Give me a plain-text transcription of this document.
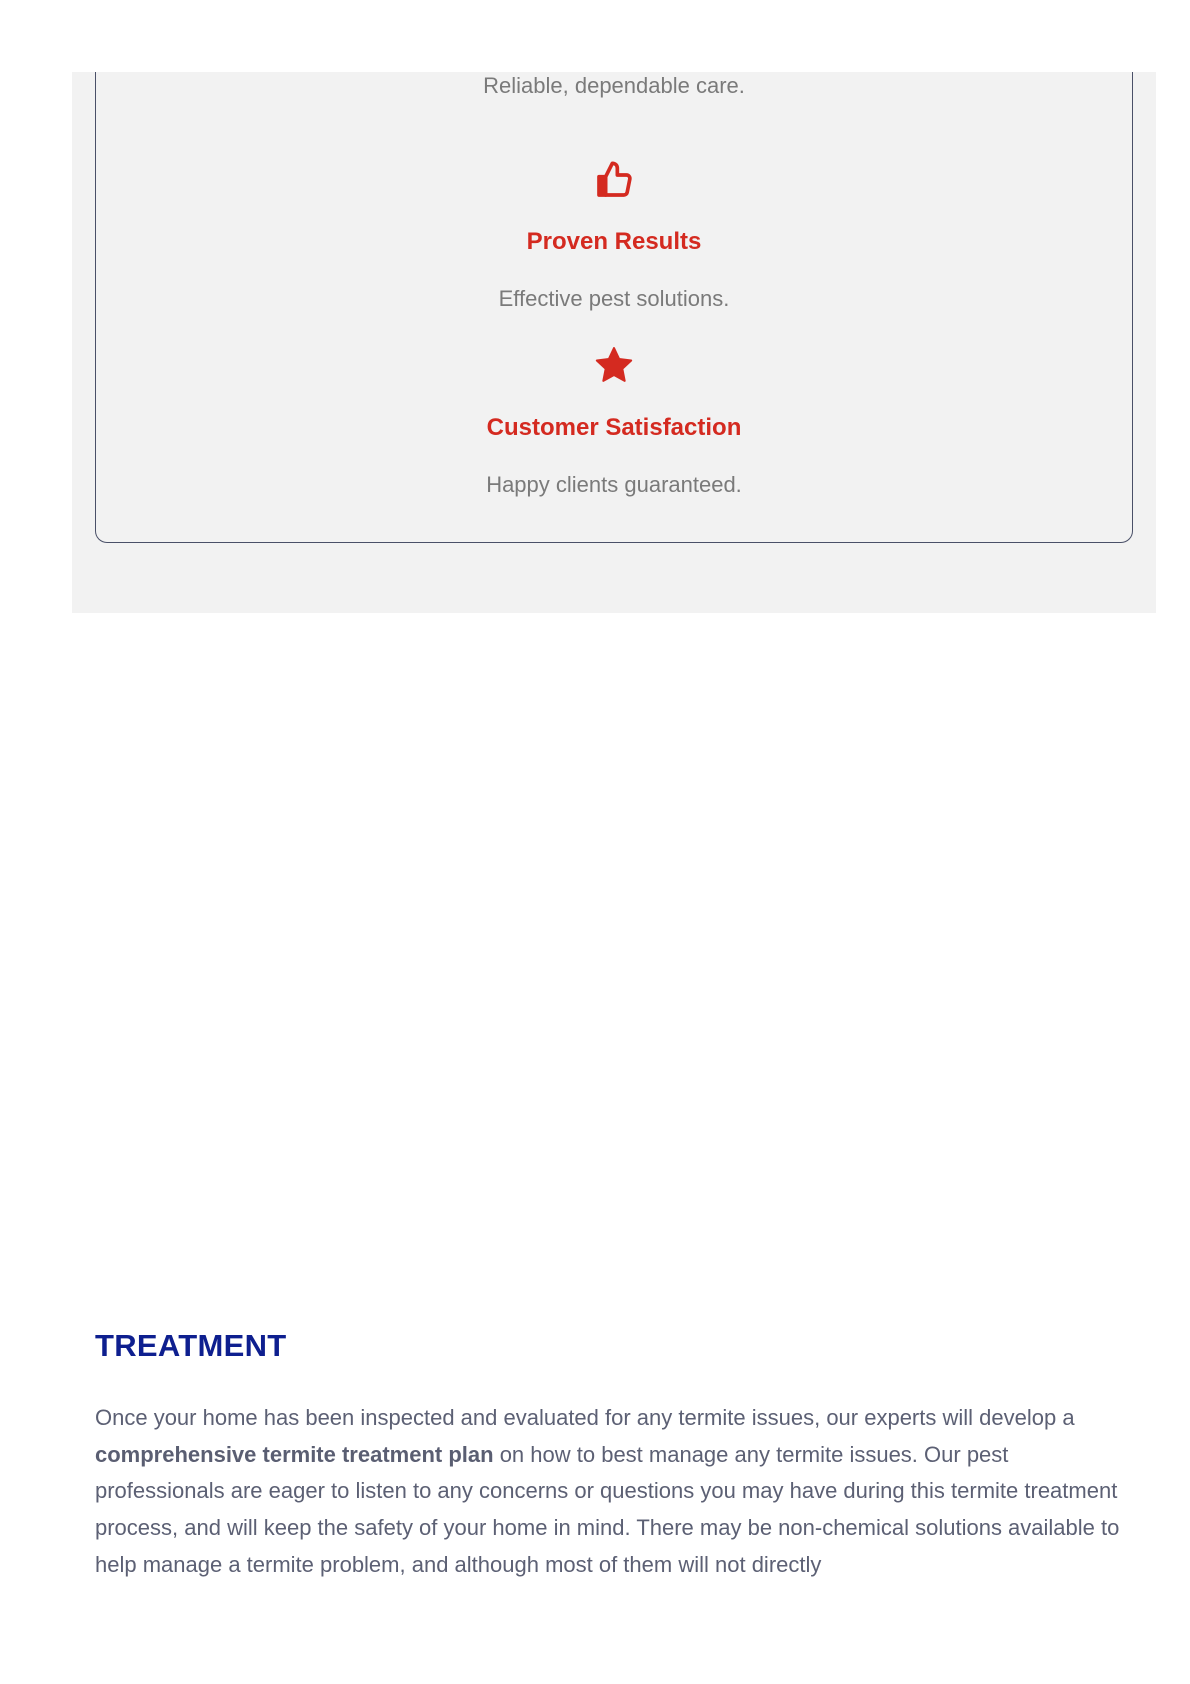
Reliable, dependable care.
Proven Results
Effective pest solutions.
Customer Satisfaction
Happy clients guaranteed.
TREATMENT

Once your home has been inspected and evaluated for any termite issues, our experts will develop a comprehensive termite treatment plan on how to best manage any termite issues. Our pest professionals are eager to listen to any concerns or questions you may have during this termite treatment process, and will keep the safety of your home in mind. There may be non-chemical solutions available to help manage a termite problem, and although most of them will not directly
